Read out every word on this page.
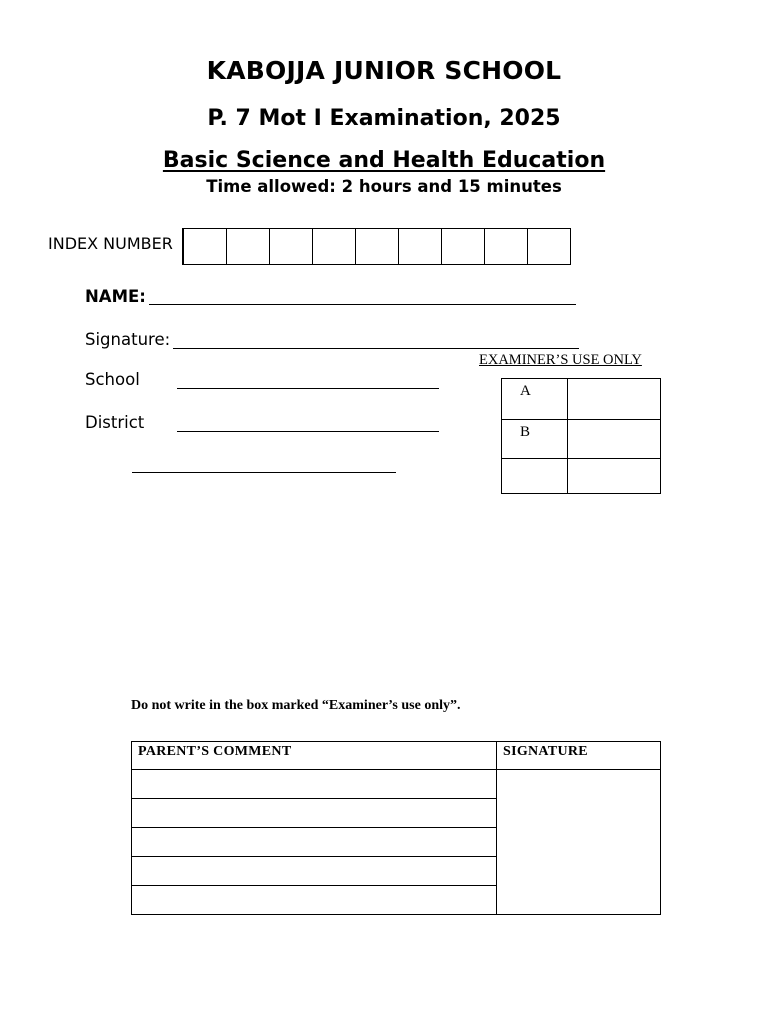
KABOJJA JUNIOR SCHOOL
P. 7 Mot I Examination, 2025
Basic Science and Health Education
Time allowed: 2 hours and 15 minutes
INDEX NUMBER
NAME:
Signature:
School
District
EXAMINER’S USE ONLY
A	

B	

Do not write in the box marked “Examiner’s use only”.
PARENT’S COMMENT	SIGNATURE
